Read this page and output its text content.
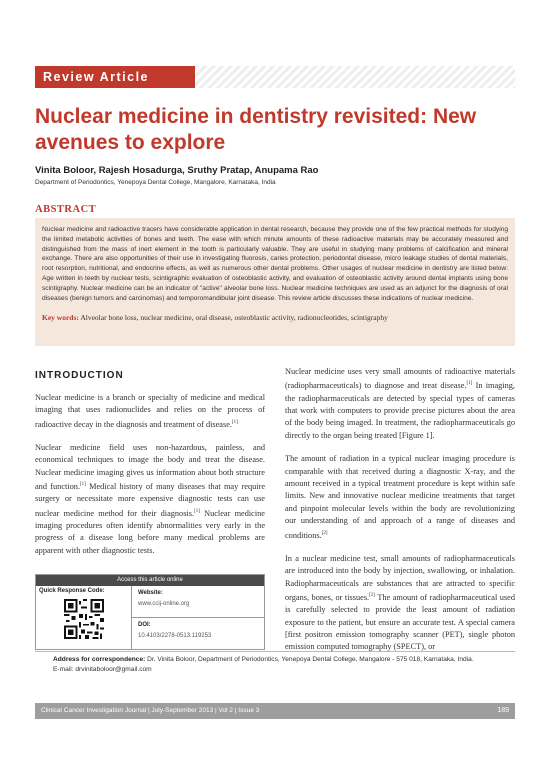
Review Article
Nuclear medicine in dentistry revisited: New avenues to explore
Vinita Boloor, Rajesh Hosadurga, Sruthy Pratap, Anupama Rao
Department of Periodontics, Yenepoya Dental College, Mangalore, Karnataka, India
ABSTRACT
Nuclear medicine and radioactive tracers have considerable application in dental research, because they provide one of the few practical methods for studying the limited metabolic activities of bones and teeth. The ease with which minute amounts of these radioactive materials may be accurately measured and distinguished from the mass of inert element in the tooth is particularly valuable. They are useful in studying many problems of calcification and mineral exchange. There are also opportunities of their use in investigating fluorosis, caries protection, periodontal disease, micro leakage studies of dental materials, root resorption, nutritional, and endocrine effects, as well as numerous other dental problems. Other usages of nuclear medicine in dentistry are listed below: Age written in teeth by nuclear tests, scintigraphic evaluation of osteoblastic activity, and evaluation of osteoblastic activity around dental implants using bone scintigraphy. Nuclear medicine can be an indicator of "active" alveolar bone loss. Nuclear medicine techniques are used as an adjunct for the diagnosis of oral diseases (benign tumors and carcinomas) and temporomandibular joint disease. This review article discusses these indications of nuclear medicine.
Key words: Alveolar bone loss, nuclear medicine, oral disease, osteoblastic activity, radionucleotides, scintigraphy
INTRODUCTION

Nuclear medicine is a branch or specialty of medicine and medical imaging that uses radionuclides and relies on the process of radioactive decay in the diagnosis and treatment of disease.[1]

Nuclear medicine field uses non-hazardous, painless, and economical techniques to image the body and treat the disease. Nuclear medicine imaging gives us information about both structure and function.[1] Medical history of many diseases that may require surgery or necessitate more expensive diagnostic tests can use nuclear medicine method for their diagnosis.[1] Nuclear medicine imaging procedures often identify abnormalities very early in the progress of a disease long before many medical problems are apparent with other diagnostic tests.

Nuclear medicine uses very small amounts of radioactive materials (radiopharmaceuticals) to diagnose and treat disease.[1] In imaging, the radiopharmaceuticals are detected by special types of cameras that work with computers to provide precise pictures about the area of the body being imaged. In treatment, the radiopharmaceuticals go directly to the organ being treated [Figure 1].

The amount of radiation in a typical nuclear imaging procedure is comparable with that received during a diagnostic X-ray, and the amount received in a typical treatment procedure is kept within safe limits. New and innovative nuclear medicine treatments that target and pinpoint molecular levels within the body are revolutionizing our understanding of and approach of a range of diseases and conditions.[2]

In a nuclear medicine test, small amounts of radiopharmaceuticals are introduced into the body by injection, swallowing, or inhalation. Radiopharmaceuticals are substances that are attracted to specific organs, bones, or tissues.[2] The amount of radiopharmaceutical used is carefully selected to provide the least amount of radiation exposure to the patient, but ensure an accurate test. A special camera [first positron emission tomography scanner (PET), single photon emission computed tomography (SPECT), or

Access this article online
Quick Response Code:	Website:
www.ccij-online.org
DOI:
10.4103/2278-0513.119253
Address for correspondence: Dr. Vinita Boloor, Department of Periodontics, Yenepoya Dental College, Mangalore - 575 018, Karnataka, India.
E-mail: drvinitaboloor@gmail.com
Clinical Cancer Investigation Journal | July-September 2013 | Vol 2 | Issue 3	189
